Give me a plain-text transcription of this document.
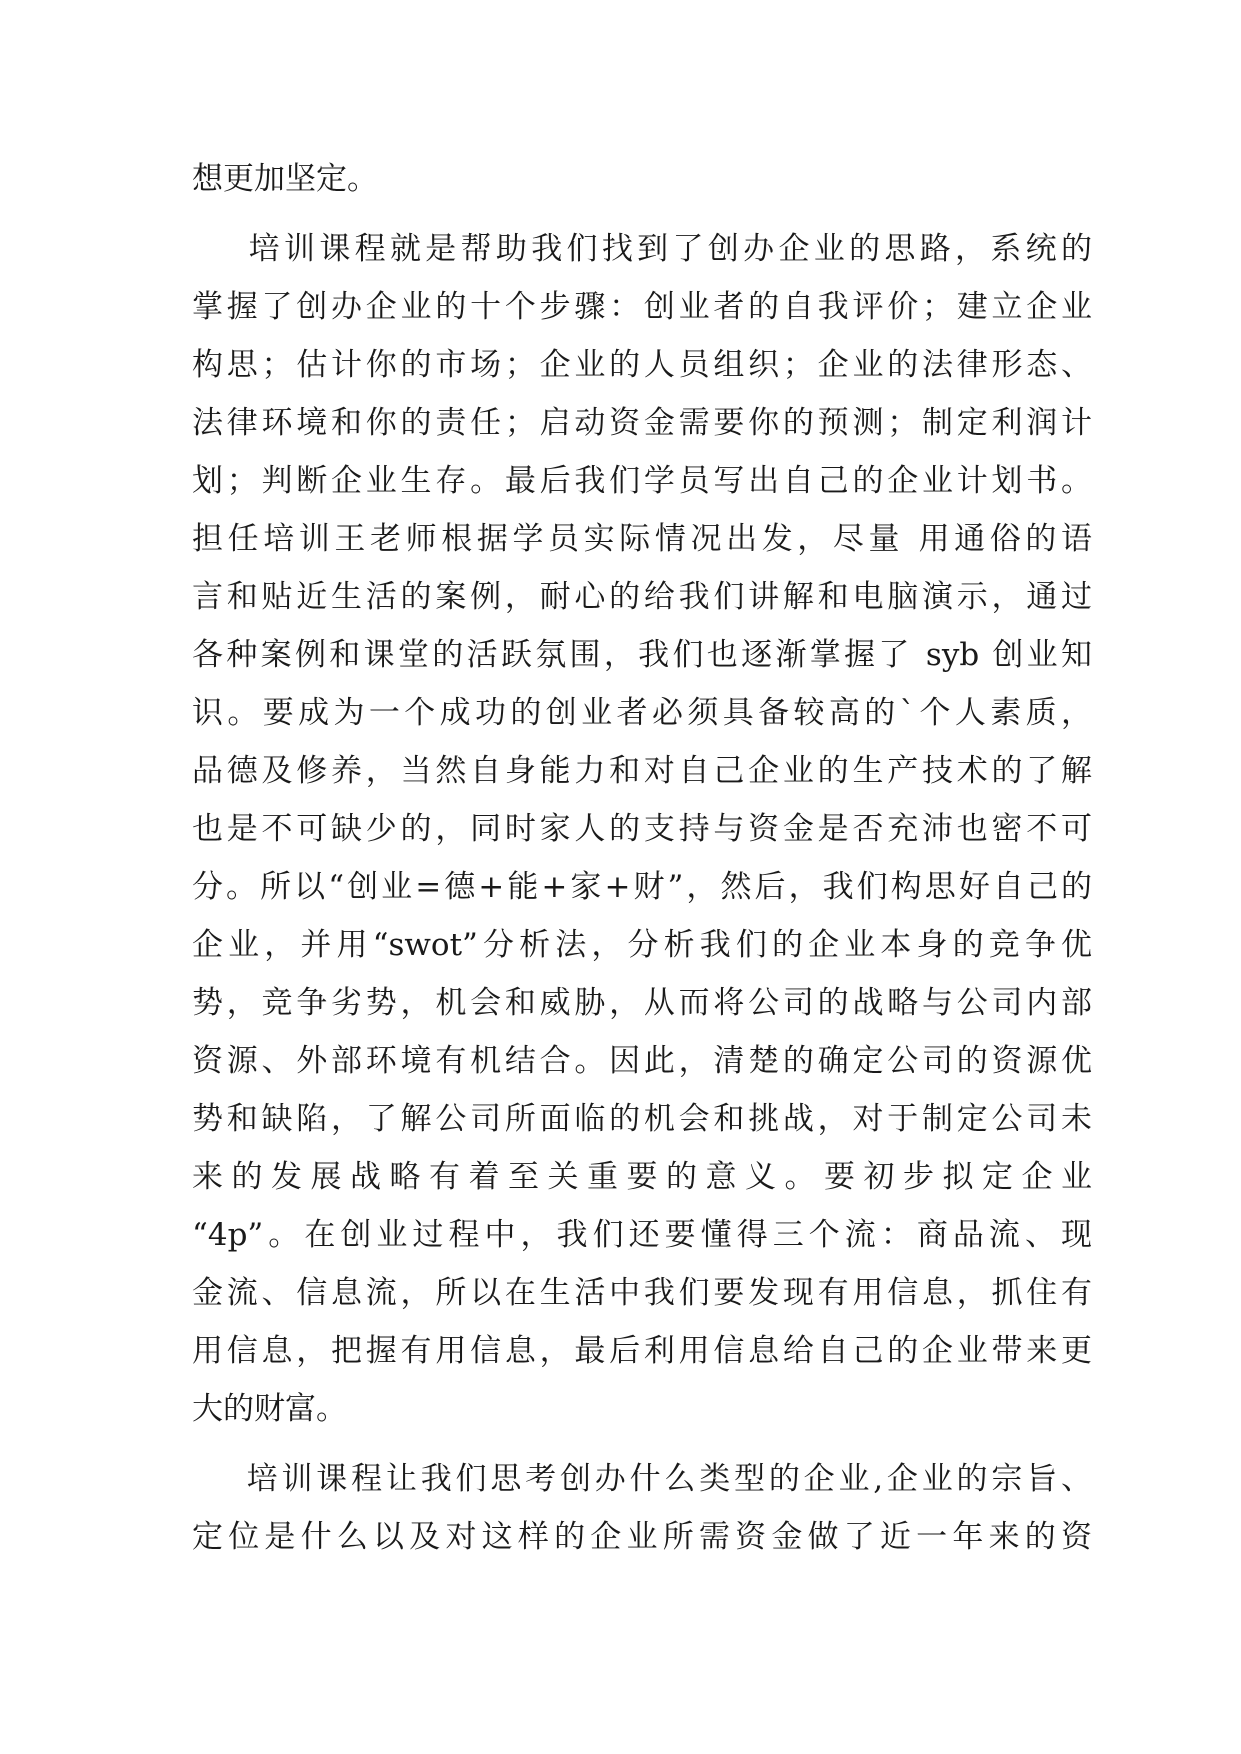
想更加坚定。
培训课程就是帮助我们找到了创办企业的思路，系统的
掌握了创办企业的十个步骤：创业者的自我评价；建立企业
构思；估计你的市场；企业的人员组织；企业的法律形态、
法律环境和你的责任；启动资金需要你的预测；制定利润计
划；判断企业生存。最后我们学员写出自己的企业计划书。
担任培训王老师根据学员实际情况出发，尽量 用通俗的语
言和贴近生活的案例，耐心的给我们讲解和电脑演示，通过
各种案例和课堂的活跃氛围，我们也逐渐掌握了 syb 创业知
识。要成为一个成功的创业者必须具备较高的`个人素质，
品德及修养，当然自身能力和对自己企业的生产技术的了解
也是不可缺少的，同时家人的支持与资金是否充沛也密不可
分。所以“创业=德+能+家+财”，然后，我们构思好自己的
企业，并用“swot”分析法，分析我们的企业本身的竞争优
势，竞争劣势，机会和威胁，从而将公司的战略与公司内部
资源、外部环境有机结合。因此，清楚的确定公司的资源优
势和缺陷，了解公司所面临的机会和挑战，对于制定公司未
来的发展战略有着至关重要的意义。要初步拟定企业
“4p”。在创业过程中，我们还要懂得三个流：商品流、现
金流、信息流，所以在生活中我们要发现有用信息，抓住有
用信息，把握有用信息，最后利用信息给自己的企业带来更
大的财富。
培训课程让我们思考创办什么类型的企业,企业的宗旨、
定位是什么以及对这样的企业所需资金做了近一年来的资
